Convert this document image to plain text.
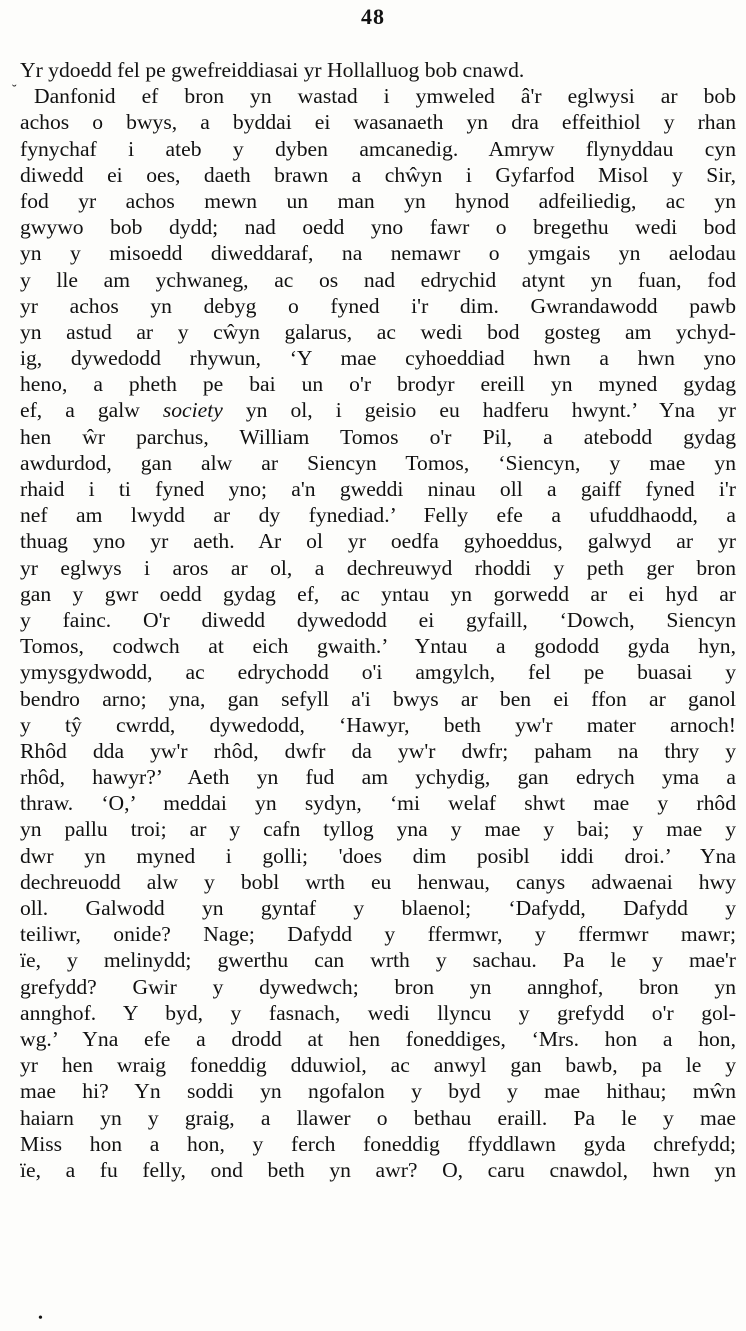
48
Yr ydoedd fel pe gwefreiddiasai yr Hollalluog bob cnawd.
Danfonid ef bron yn wastad i ymweled â'r eglwysi ar bob
achos o bwys, a byddai ei wasanaeth yn dra effeithiol y rhan
fynychaf i ateb y dyben amcanedig. Amryw flynyddau cyn
diwedd ei oes, daeth brawn a chŵyn i Gyfarfod Misol y Sir,
fod yr achos mewn un man yn hynod adfeiliedig, ac yn
gwywo bob dydd; nad oedd yno fawr o bregethu wedi bod
yn y misoedd diweddaraf, na nemawr o ymgais yn aelodau
y lle am ychwaneg, ac os nad edrychid atynt yn fuan, fod
yr achos yn debyg o fyned i'r dim. Gwrandawodd pawb
yn astud ar y cŵyn galarus, ac wedi bod gosteg am ychyd-
ig, dywedodd rhywun, ‘Y mae cyhoeddiad hwn a hwn yno
heno, a pheth pe bai un o'r brodyr ereill yn myned gydag
ef, a galw society yn ol, i geisio eu hadferu hwynt.’ Yna yr
hen ŵr parchus, William Tomos o'r Pil, a atebodd gydag
awdurdod, gan alw ar Siencyn Tomos, ‘Siencyn, y mae yn
rhaid i ti fyned yno; a'n gweddi ninau oll a gaiff fyned i'r
nef am lwydd ar dy fynediad.’ Felly efe a ufuddhaodd, a
thuag yno yr aeth. Ar ol yr oedfa gyhoeddus, galwyd ar yr
yr eglwys i aros ar ol, a dechreuwyd rhoddi y peth ger bron
gan y gwr oedd gydag ef, ac yntau yn gorwedd ar ei hyd ar
y fainc. O'r diwedd dywedodd ei gyfaill, ‘Dowch, Siencyn
Tomos, codwch at eich gwaith.’ Yntau a gododd gyda hyn,
ymysgydwodd, ac edrychodd o'i amgylch, fel pe buasai y
bendro arno; yna, gan sefyll a'i bwys ar ben ei ffon ar ganol
y tŷ cwrdd, dywedodd, ‘Hawyr, beth yw'r mater arnoch!
Rhôd dda yw'r rhôd, dwfr da yw'r dwfr; paham na thry y
rhôd, hawyr?’ Aeth yn fud am ychydig, gan edrych yma a
thraw. ‘O,’ meddai yn sydyn, ‘mi welaf shwt mae y rhôd
yn pallu troi; ar y cafn tyllog yna y mae y bai; y mae y
dwr yn myned i golli; 'does dim posibl iddi droi.’ Yna
dechreuodd alw y bobl wrth eu henwau, canys adwaenai hwy
oll. Galwodd yn gyntaf y blaenol; ‘Dafydd, Dafydd y
teiliwr, onide? Nage; Dafydd y ffermwr, y ffermwr mawr;
ïe, y melinydd; gwerthu can wrth y sachau. Pa le y mae'r
grefydd? Gwir y dywedwch; bron yn annghof, bron yn
annghof. Y byd, y fasnach, wedi llyncu y grefydd o'r gol-
wg.’ Yna efe a drodd at hen foneddiges, ‘Mrs. hon a hon,
yr hen wraig foneddig dduwiol, ac anwyl gan bawb, pa le y
mae hi? Yn soddi yn ngofalon y byd y mae hithau; mŵn
haiarn yn y graig, a llawer o bethau eraill. Pa le y mae
Miss hon a hon, y ferch foneddig ffyddlawn gyda chrefydd;
ïe, a fu felly, ond beth yn awr? O, caru cnawdol, hwn yn
˘
•
